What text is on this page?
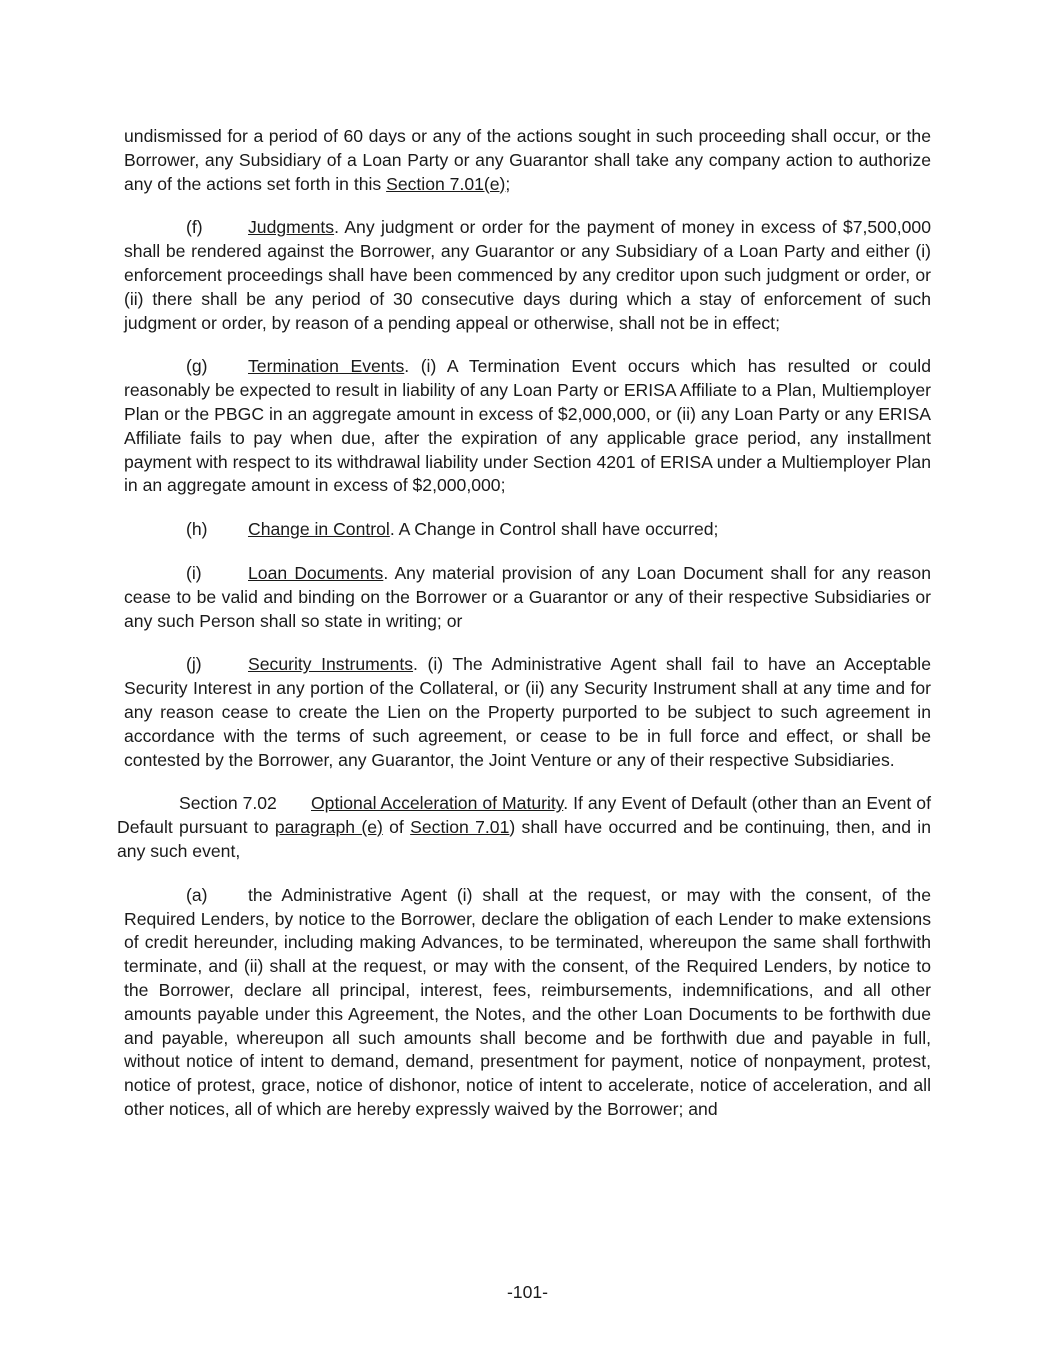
undismissed for a period of 60 days or any of the actions sought in such proceeding shall occur, or the Borrower, any Subsidiary of a Loan Party or any Guarantor shall take any company action to authorize any of the actions set forth in this Section 7.01(e);

(f)	Judgments. Any judgment or order for the payment of money in excess of $7,500,000 shall be rendered against the Borrower, any Guarantor or any Subsidiary of a Loan Party and either (i) enforcement proceedings shall have been commenced by any creditor upon such judgment or order, or (ii) there shall be any period of 30 consecutive days during which a stay of enforcement of such judgment or order, by reason of a pending appeal or otherwise, shall not be in effect;

(g) Termination Events. (i) A Termination Event occurs which has resulted or could reasonably be expected to result in liability of any Loan Party or ERISA Affiliate to a Plan, Multiemployer Plan or the PBGC in an aggregate amount in excess of $2,000,000, or (ii) any Loan Party or any ERISA Affiliate fails to pay when due, after the expiration of any applicable grace period, any installment payment with respect to its withdrawal liability under Section 4201 of ERISA under a Multiemployer Plan in an aggregate amount in excess of $2,000,000;

(h) Change in Control. A Change in Control shall have occurred;

(i)	Loan Documents. Any material provision of any Loan Document shall for any reason cease to be valid and binding on the Borrower or a Guarantor or any of their respective Subsidiaries or any such Person shall so state in writing; or

(j)	Security Instruments. (i) The Administrative Agent shall fail to have an Acceptable Security Interest in any portion of the Collateral, or (ii) any Security Instrument shall at any time and for any reason cease to create the Lien on the Property purported to be subject to such agreement in accordance with the terms of such agreement, or cease to be in full force and effect, or shall be contested by the Borrower, any Guarantor, the Joint Venture or any of their respective Subsidiaries.

Section 7.02 Optional Acceleration of Maturity. If any Event of Default (other than an Event of Default pursuant to paragraph (e) of Section 7.01) shall have occurred and be continuing, then, and in any such event,

(a) the Administrative Agent (i) shall at the request, or may with the consent, of the Required Lenders, by notice to the Borrower, declare the obligation of each Lender to make extensions of credit hereunder, including making Advances, to be terminated, whereupon the same shall forthwith terminate, and (ii) shall at the request, or may with the consent, of the Required Lenders, by notice to the Borrower, declare all principal, interest, fees, reimbursements, indemnifications, and all other amounts payable under this Agreement, the Notes, and the other Loan Documents to be forthwith due and payable, whereupon all such amounts shall become and be forthwith due and payable in full, without notice of intent to demand, demand, presentment for payment, notice of nonpayment, protest, notice of protest, grace, notice of dishonor, notice of intent to accelerate, notice of acceleration, and all other notices, all of which are hereby expressly waived by the Borrower; and

-101-
